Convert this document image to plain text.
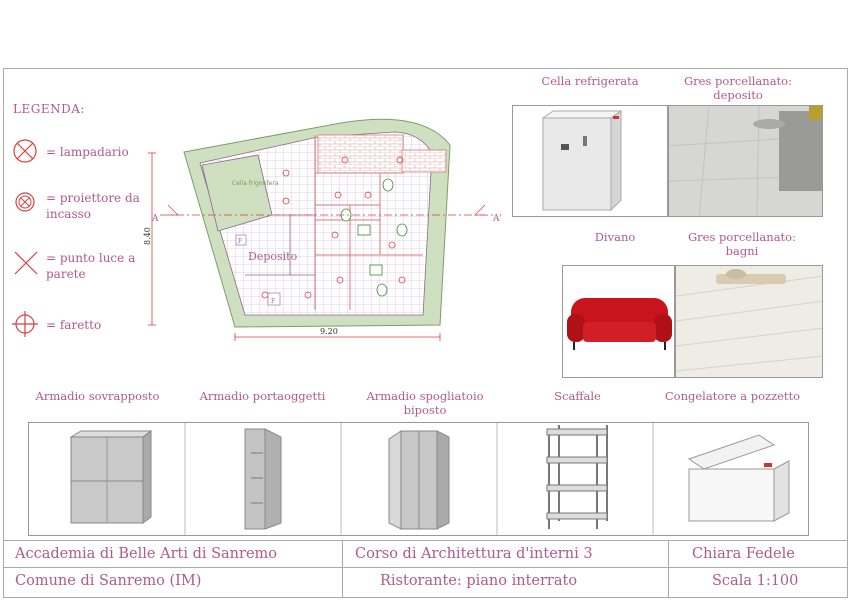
LEGENDA:
= lampadario
= proiettore da incasso
= punto luce a parete
= faretto
Cella frigorifera
Deposito
F
F
A	A'
8.40
9.20
Cella refrigerata	Gres porcellanato: deposito
Divano	Gres porcellanato: bagni
Armadio sovrapposto	Armadio portaoggetti	Armadio spogliatoio biposto
Scaffale	Congelatore a pozzetto
Accademia di Belle Arti di Sanremo	Corso di Architettura d'interni 3	Chiara Fedele
Comune di Sanremo (IM)	Ristorante: piano interrato	Scala 1:100
